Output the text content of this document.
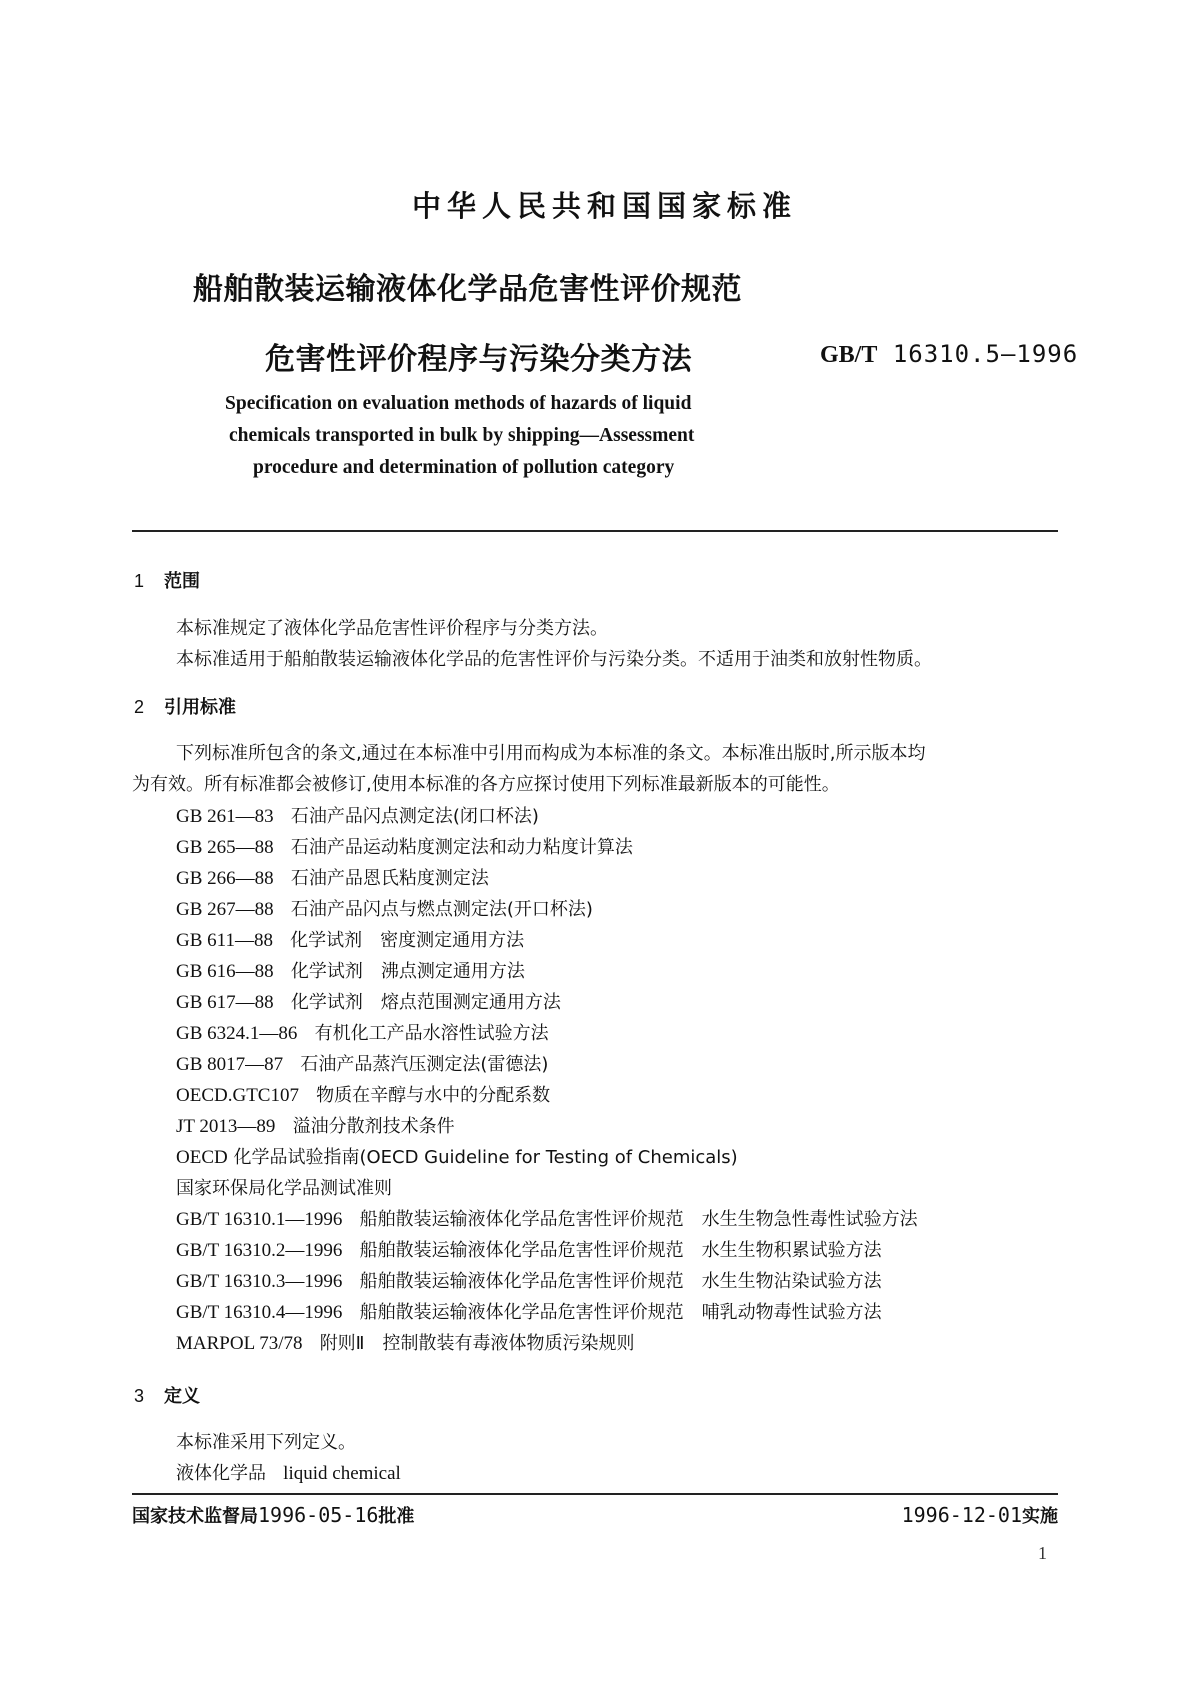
中华人民共和国国家标准
船舶散装运输液体化学品危害性评价规范
危害性评价程序与污染分类方法	GB/T 16310.5—1996
Specification on evaluation methods of hazards of liquid
chemicals transported in bulk by shipping—Assessment
procedure and determination of pollution category
1 范围
本标准规定了液体化学品危害性评价程序与分类方法。
本标准适用于船舶散装运输液体化学品的危害性评价与污染分类。不适用于油类和放射性物质。
2 引用标准
下列标准所包含的条文,通过在本标准中引用而构成为本标准的条文。本标准出版时,所示版本均
为有效。所有标准都会被修订,使用本标准的各方应探讨使用下列标准最新版本的可能性。
GB 261—83 石油产品闪点测定法(闭口杯法)
GB 265—88 石油产品运动粘度测定法和动力粘度计算法
GB 266—88 石油产品恩氏粘度测定法
GB 267—88 石油产品闪点与燃点测定法(开口杯法)
GB 611—88 化学试剂　密度测定通用方法
GB 616—88 化学试剂　沸点测定通用方法
GB 617—88 化学试剂　熔点范围测定通用方法
GB 6324.1—86 有机化工产品水溶性试验方法
GB 8017—87 石油产品蒸汽压测定法(雷德法)
OECD.GTC107 物质在辛醇与水中的分配系数
JT 2013—89 溢油分散剂技术条件
OECD 化学品试验指南(OECD Guideline for Testing of Chemicals)
国家环保局化学品测试准则
GB/T 16310.1—1996 船舶散装运输液体化学品危害性评价规范　水生生物急性毒性试验方法
GB/T 16310.2—1996 船舶散装运输液体化学品危害性评价规范　水生生物积累试验方法
GB/T 16310.3—1996 船舶散装运输液体化学品危害性评价规范　水生生物沾染试验方法
GB/T 16310.4—1996 船舶散装运输液体化学品危害性评价规范　哺乳动物毒性试验方法
MARPOL 73/78 附则Ⅱ　控制散装有毒液体物质污染规则
3 定义
本标准采用下列定义。
液体化学品 liquid chemical
国家技术监督局1996-05-16批准	1996-12-01实施
1
